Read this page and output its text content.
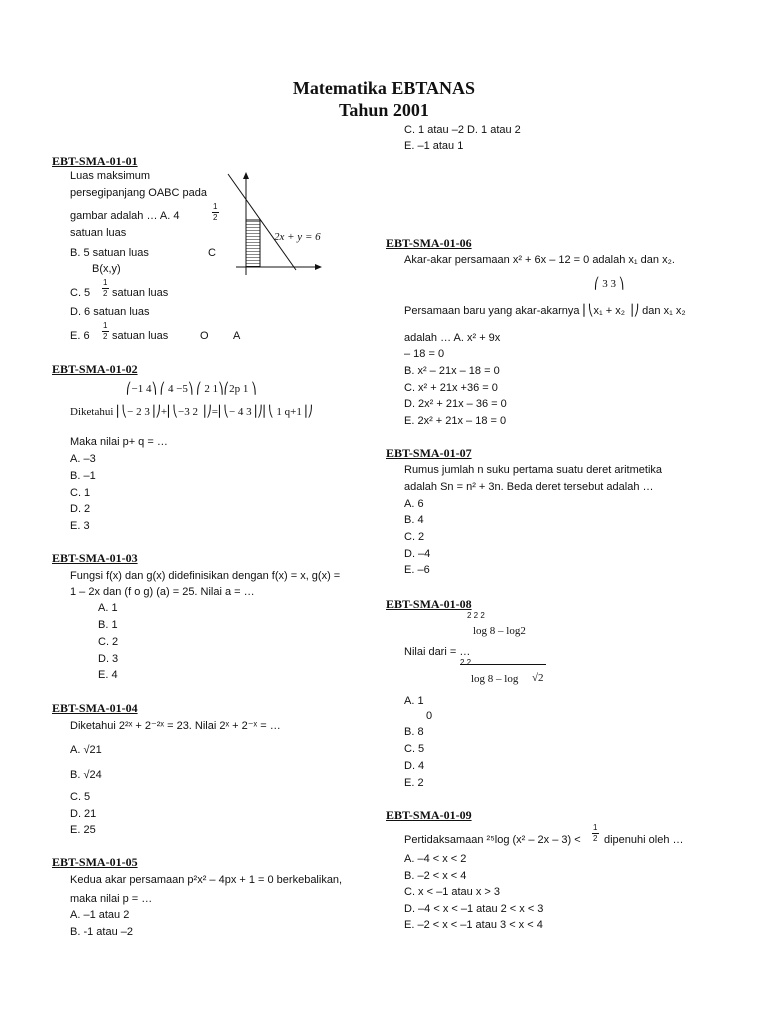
Matematika EBTANAS
Tahun 2001
EBT-SMA-01-01
Luas maksimum
persegipanjang OABC pada
gambar adalah … A. 4
1
2
satuan luas
B. 5 satuan luas	C
B(x,y)
C. 5
1
2 satuan luas
D. 6 satuan luas
E. 6
1
2 satuan luas	O A
2x + y = 6
EBT-SMA-01-02
⎛−1 4⎞ ⎛ 4 −5⎞ ⎛ 2 1⎞⎛2p 1 ⎞
Diketahui ⎜⎝− 2 3⎟⎠+⎜⎝−3 2 ⎟⎠=⎜⎝− 4 3⎟⎠⎜⎝ 1 q+1⎟⎠
Maka nilai p+ q = …
A. –3
B. –1
C. 1
D. 2
E. 3
EBT-SMA-01-03
Fungsi f(x) dan g(x) didefinisikan dengan f(x) = x, g(x) =
1 – 2x dan (f o g) (a) = 25. Nilai a = …
A. 1
B. 1
C. 2
D. 3
E. 4
EBT-SMA-01-04
Diketahui 2²ˣ + 2⁻²ˣ = 23. Nilai 2ˣ + 2⁻ˣ = …
A. √21
B. √24
C. 5
D. 21
E. 25
EBT-SMA-01-05
Kedua akar persamaan p²x² – 4px + 1 = 0 berkebalikan,
maka nilai p = …
A. –1 atau 2
B. -1 atau –2
C. 1 atau –2 D. 1 atau 2
E. –1 atau 1
EBT-SMA-01-06
Akar-akar persamaan x² + 6x – 12 = 0 adalah x₁ dan x₂.
⎛ 3 3 ⎞
Persamaan baru yang akar-akarnya ⎜⎝x₁ + x₂ ⎟⎠ dan x₁ x₂
adalah … A. x² + 9x
– 18 = 0
B. x² – 21x – 18 = 0
C. x² + 21x +36 = 0
D. 2x² + 21x – 36 = 0
E. 2x² + 21x – 18 = 0
EBT-SMA-01-07
Rumus jumlah n suku pertama suatu deret aritmetika
adalah Sn = n² + 3n. Beda deret tersebut adalah …
A. 6
B. 4
C. 2
D. –4
E. –6
EBT-SMA-01-08
2 2 2
log 8 – log2
Nilai dari = …
2 2
log 8 – log √2
A. 1
0
B. 8
C. 5
D. 4
E. 2
EBT-SMA-01-09
Pertidaksamaan ²⁵log (x² – 2x – 3) <
1
2 dipenuhi oleh …
A. –4 < x < 2
B. –2 < x < 4
C. x < –1 atau x > 3
D. –4 < x < –1 atau 2 < x < 3
E. –2 < x < –1 atau 3 < x < 4
